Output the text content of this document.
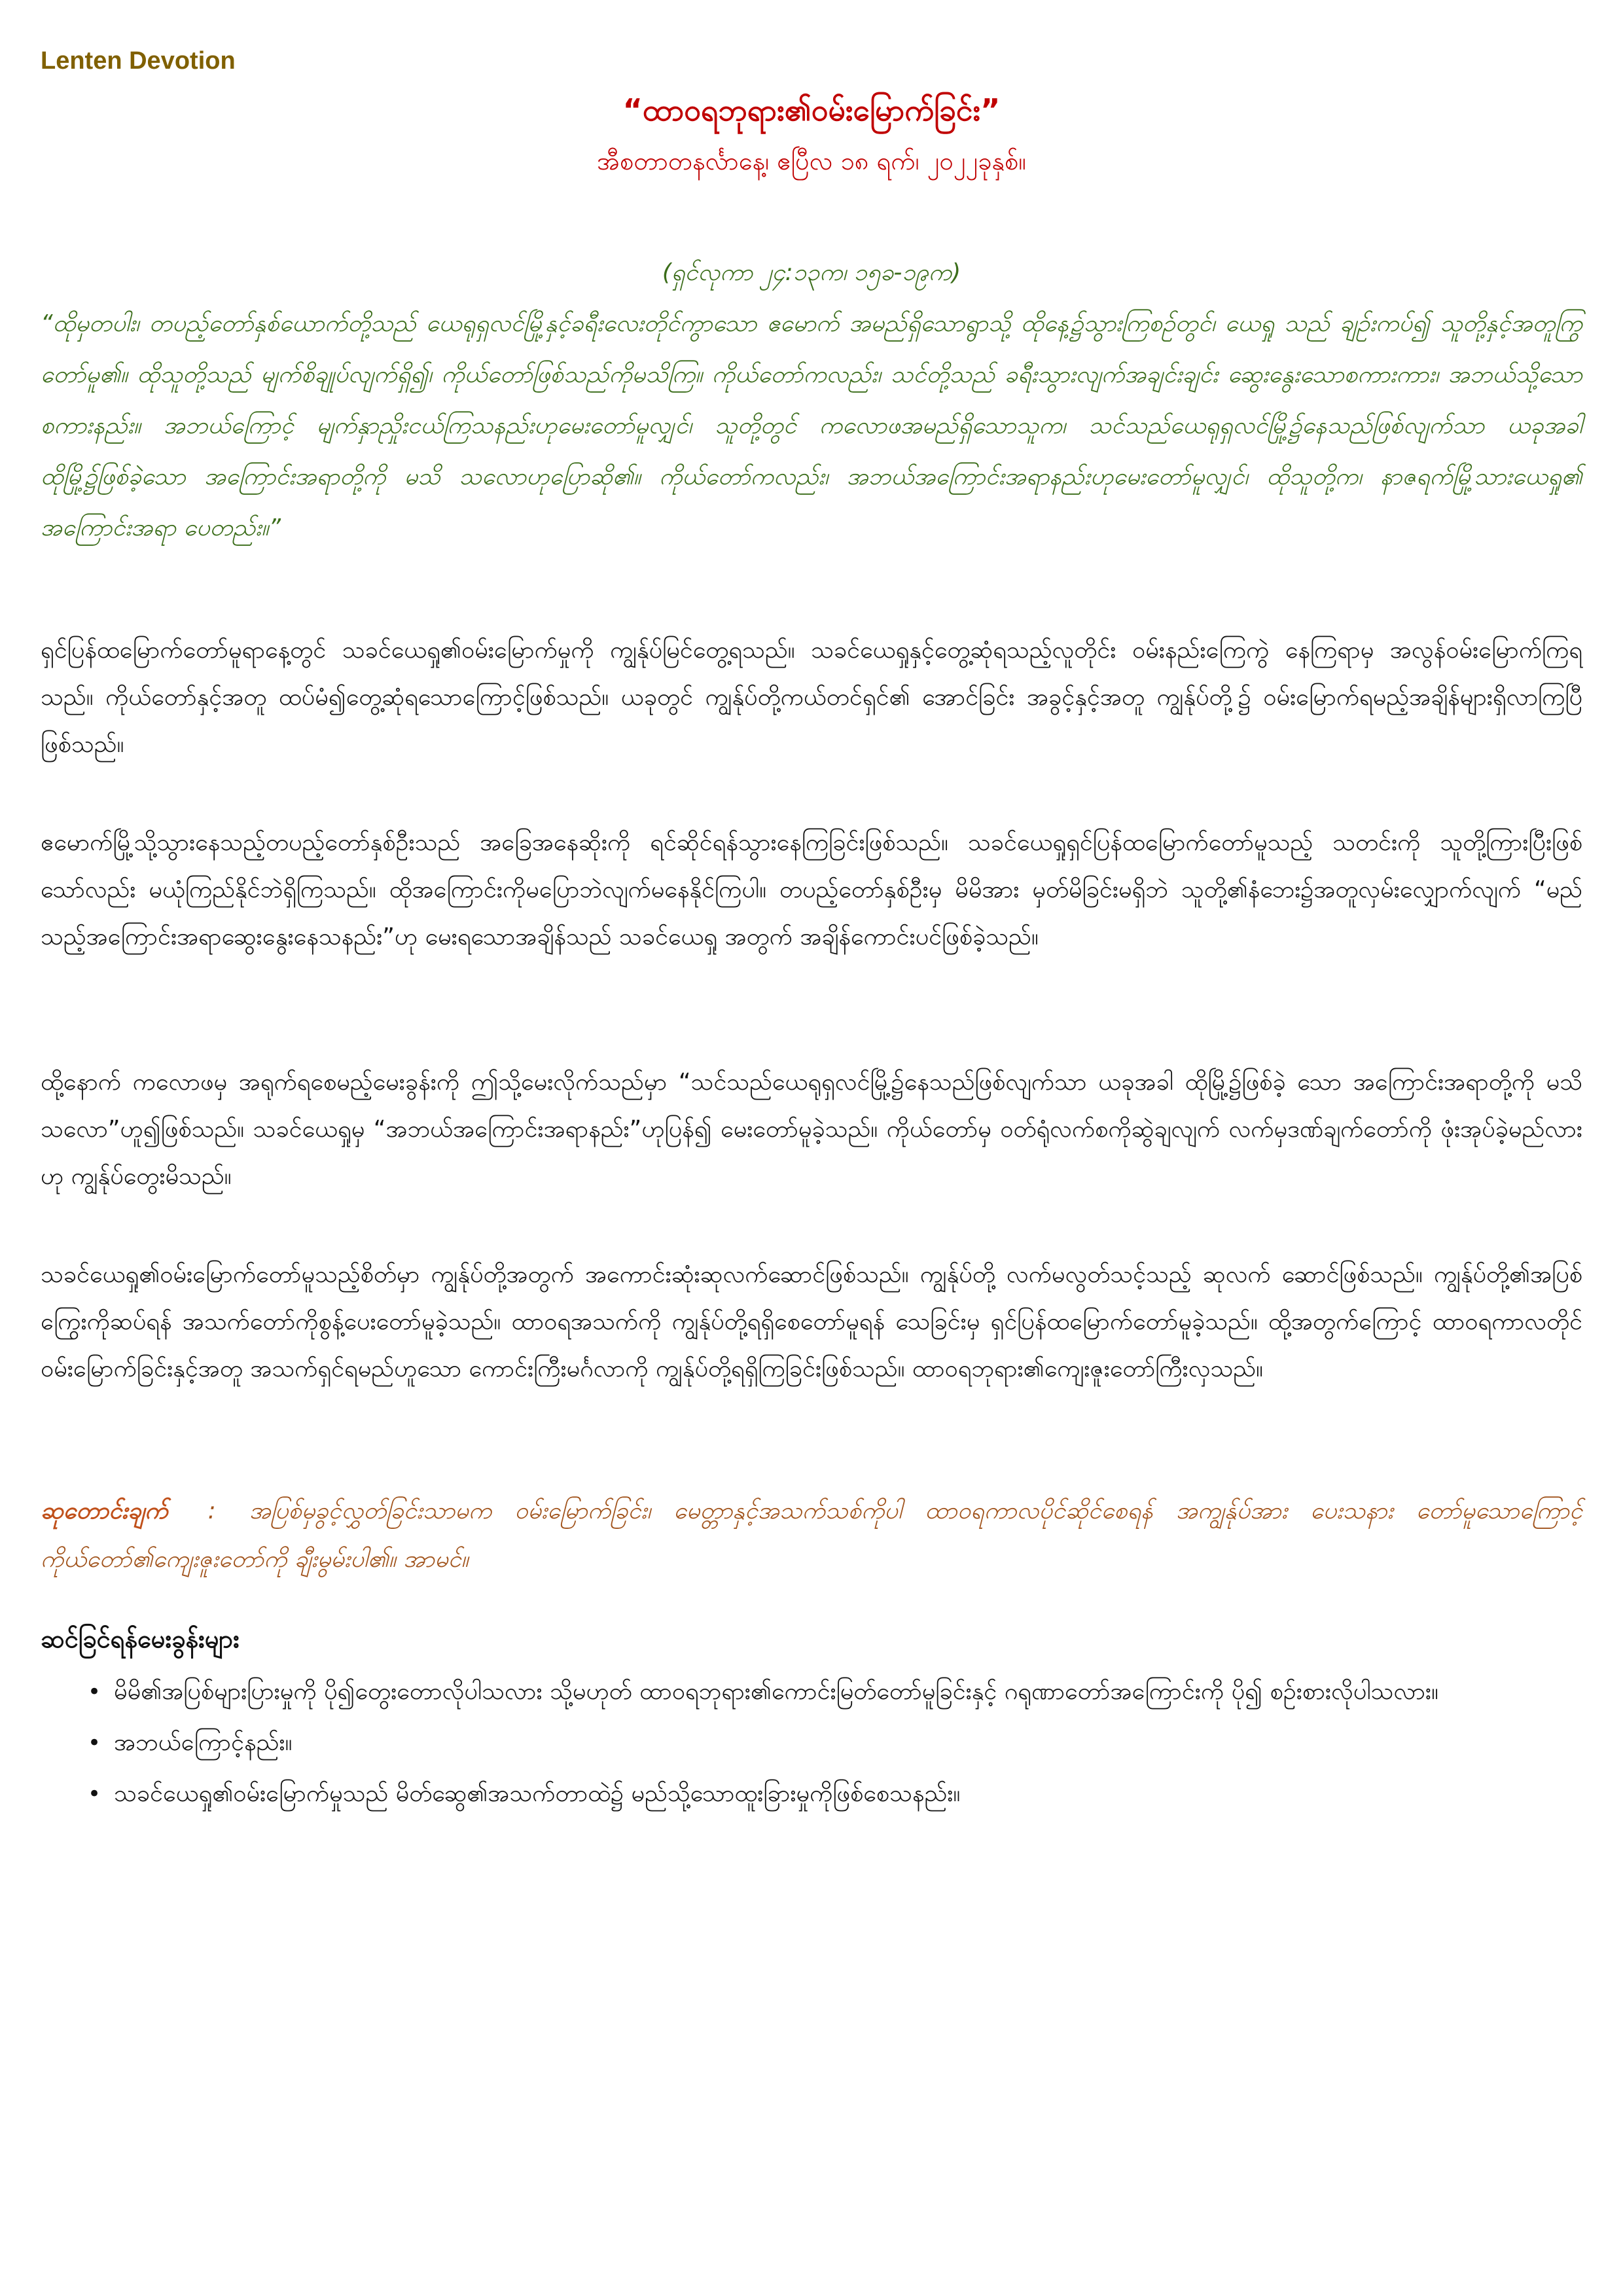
Lenten Devotion
“ထာဝရဘုရား၏ဝမ်းမြောက်ခြင်း”
အီစတာတနင်္လာနေ့၊ ဧပြီလ ၁၈ ရက်၊ ၂၀၂၂ခုနှစ်။
(ရှင်လုကာ ၂၄:၁၃က၊ ၁၅ခ-၁၉က)
“ထိုမှတပါး၊ တပည့်တော်နှစ်ယောက်တို့သည် ယေရုရှလင်မြို့နှင့်ခရီးလေးတိုင်ကွာသော ဧမောက် အမည်ရှိသောရွာသို့ ထိုနေ့၌သွားကြစဉ်တွင်၊ ယေရှု သည် ချဉ်းကပ်၍ သူတို့နှင့်အတူကြွတော်မူ၏။ ထိုသူတို့သည် မျက်စိချုပ်လျက်ရှိ၍၊ ကိုယ်တော်ဖြစ်သည်ကိုမသိကြ။ ကိုယ်တော်ကလည်း၊ သင်တို့သည် ခရီးသွားလျက်အချင်းချင်း ဆွေးနွေးသောစကားကား၊ အဘယ်သို့သောစကားနည်း။ အဘယ်ကြောင့် မျက်နှာညှိုးငယ်ကြသနည်းဟုမေးတော်မူလျှင်၊ သူတို့တွင် ကလောဖအမည်ရှိသောသူက၊ သင်သည်ယေရုရှလင်မြို့၌နေသည်ဖြစ်လျက်သာ ယခုအခါ ထိုမြို့၌ဖြစ်ခဲ့သော အကြောင်းအရာတို့ကို မသိ သလောဟုပြောဆို၏။ ကိုယ်တော်ကလည်း၊ အဘယ်အကြောင်းအရာနည်းဟုမေးတော်မူလျှင်၊ ထိုသူတို့က၊ နာဇရက်မြို့သားယေရှု၏ အကြောင်းအရာ ပေတည်း။”
ရှင်ပြန်ထမြောက်တော်မူရာနေ့တွင် သခင်ယေရှု၏ဝမ်းမြောက်မှုကို ကျွန်ုပ်မြင်တွေ့ရသည်။ သခင်ယေရှုနှင့်တွေ့ဆုံရသည့်လူတိုင်း ဝမ်းနည်းကြေကွဲ နေကြရာမှ အလွန်ဝမ်းမြောက်ကြရသည်။ ကိုယ်တော်နှင့်အတူ ထပ်မံ၍တွေ့ဆုံရသောကြောင့်ဖြစ်သည်။ ယခုတွင် ကျွန်ုပ်တို့ကယ်တင်ရှင်၏ အောင်ခြင်း အခွင့်နှင့်အတူ ကျွန်ုပ်တို့၌ ဝမ်းမြောက်ရမည့်အချိန်များရှိလာကြပြီဖြစ်သည်။
ဧမောက်မြို့သို့သွားနေသည့်တပည့်တော်နှစ်ဦးသည် အခြေအနေဆိုးကို ရင်ဆိုင်ရန်သွားနေကြခြင်းဖြစ်သည်။ သခင်ယေရှုရှင်ပြန်ထမြောက်တော်မူသည့် သတင်းကို သူတို့ကြားပြီးဖြစ်သော်လည်း မယုံကြည်နိုင်ဘဲရှိကြသည်။ ထိုအကြောင်းကိုမပြောဘဲလျက်မနေနိုင်ကြပါ။ တပည့်တော်နှစ်ဦးမှ မိမိအား မှတ်မိခြင်းမရှိဘဲ သူတို့၏နံဘေး၌အတူလှမ်းလျှောက်လျက် “မည်သည့်အကြောင်းအရာဆွေးနွေးနေသနည်း”ဟု မေးရသောအချိန်သည် သခင်ယေရှု အတွက် အချိန်ကောင်းပင်ဖြစ်ခဲ့သည်။
ထို့နောက် ကလောဖမှ အရုက်ရစေမည့်မေးခွန်းကို ဤသို့မေးလိုက်သည်မှာ “သင်သည်ယေရုရှလင်မြို့၌နေသည်ဖြစ်လျက်သာ ယခုအခါ ထိုမြို့၌ဖြစ်ခဲ့ သော အကြောင်းအရာတို့ကို မသိသလော”ဟူ၍ဖြစ်သည်။ သခင်ယေရှုမှ “အဘယ်အကြောင်းအရာနည်း”ဟုပြန်၍ မေးတော်မူခဲ့သည်။ ကိုယ်တော်မှ ဝတ်ရုံလက်စကိုဆွဲချလျက် လက်မှဒဏ်ချက်တော်ကို ဖုံးအုပ်ခဲ့မည်လားဟု ကျွန်ုပ်တွေးမိသည်။
သခင်ယေရှု၏ဝမ်းမြောက်တော်မူသည့်စိတ်မှာ ကျွန်ုပ်တို့အတွက် အကောင်းဆုံးဆုလက်ဆောင်ဖြစ်သည်။ ကျွန်ုပ်တို့ လက်မလွတ်သင့်သည့် ဆုလက် ဆောင်ဖြစ်သည်။ ကျွန်ုပ်တို့၏အပြစ်ကြွေးကိုဆပ်ရန် အသက်တော်ကိုစွန့်ပေးတော်မူခဲ့သည်။ ထာဝရအသက်ကို ကျွန်ုပ်တို့ရရှိစေတော်မူရန် သေခြင်းမှ ရှင်ပြန်ထမြောက်တော်မူခဲ့သည်။ ထို့အတွက်ကြောင့် ထာဝရကာလတိုင် ဝမ်းမြောက်ခြင်းနှင့်အတူ အသက်ရှင်ရမည်ဟူသော ကောင်းကြီးမင်္ဂလာကို ကျွန်ုပ်တို့ရရှိကြခြင်းဖြစ်သည်။ ထာဝရဘုရား၏ကျေးဇူးတော်ကြီးလှသည်။
ဆုတောင်းချက် : အပြစ်မှခွင့်လွှတ်ခြင်းသာမက ဝမ်းမြောက်ခြင်း၊ မေတ္တာနှင့်အသက်သစ်ကိုပါ ထာဝရကာလပိုင်ဆိုင်စေရန် အကျွန်ုပ်အား ပေးသနား တော်မူသောကြောင့် ကိုယ်တော်၏ကျေးဇူးတော်ကို ချီးမွမ်းပါ၏။ အာမင်။
ဆင်ခြင်ရန်မေးခွန်းများ
• မိမိ၏အပြစ်များပြားမှုကို ပို၍တွေးတောလိုပါသလား သို့မဟုတ် ထာဝရဘုရား၏ကောင်းမြတ်တော်မူခြင်းနှင့် ဂရုဏာတော်အကြောင်းကို ပို၍ စဉ်းစားလိုပါသလား။
• အဘယ်ကြောင့်နည်း။
• သခင်ယေရှု၏ဝမ်းမြောက်မှုသည် မိတ်ဆွေ၏အသက်တာထဲ၌ မည်သို့သောထူးခြားမှုကိုဖြစ်စေသနည်း။
